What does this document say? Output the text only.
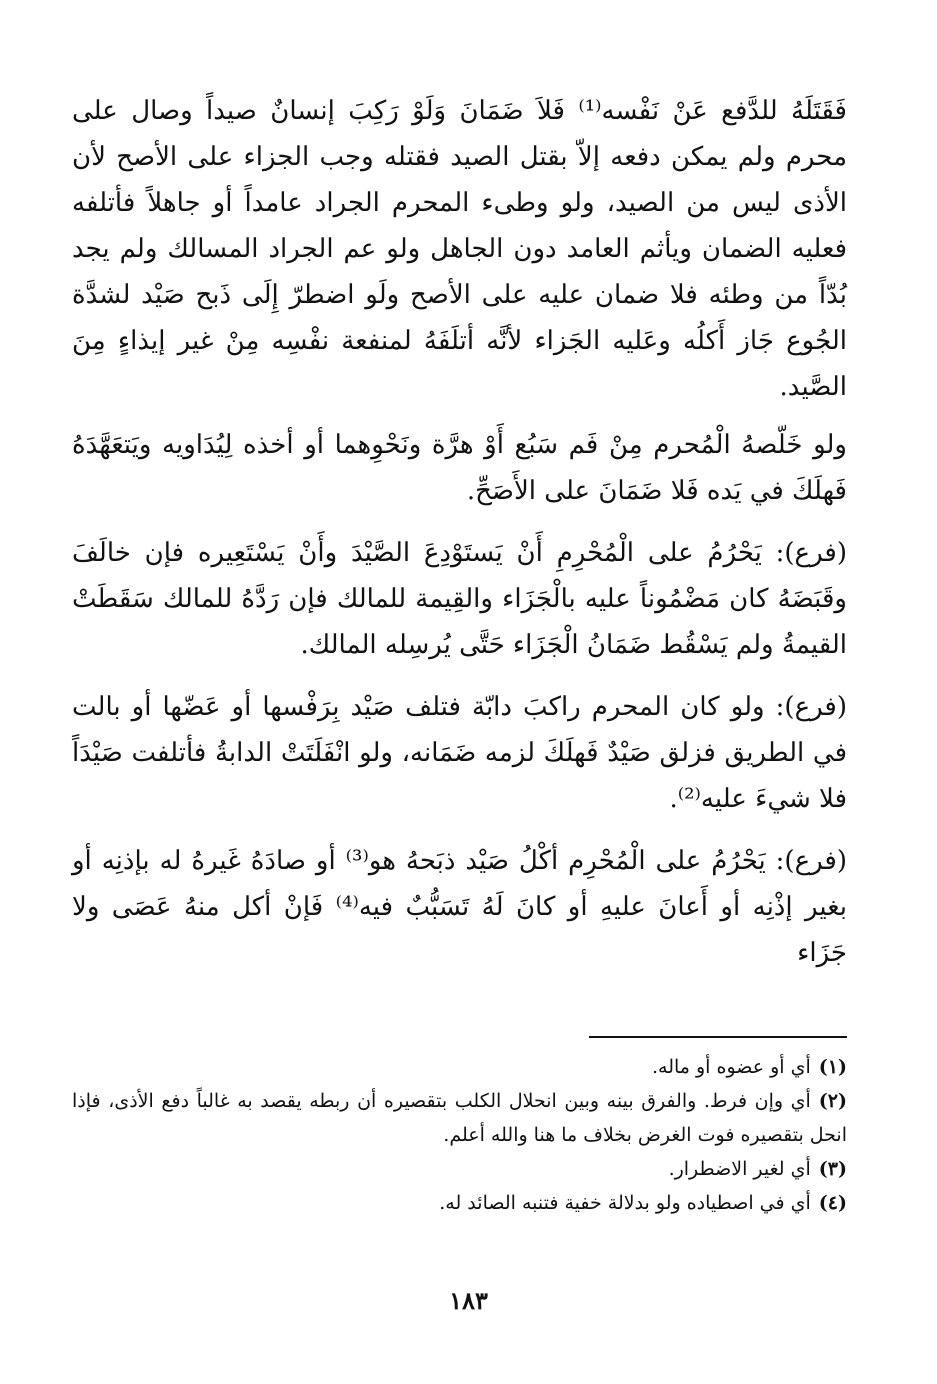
فَقَتَلَهُ للدَّفع عَنْ نَفْسه⁽¹⁾ فَلاَ ضَمَانَ وَلَوْ رَكِبَ إنسانٌ صيداً وصال على محرم ولم يمكن دفعه إلاّ بقتل الصيد فقتله وجب الجزاء على الأصح لأن الأذى ليس من الصيد، ولو وطىء المحرم الجراد عامداً أو جاهلاً فأتلفه فعليه الضمان ويأثم العامد دون الجاهل ولو عم الجراد المسالك ولم يجد بُدّاً من وطئه فلا ضمان عليه على الأصح ولَو اضطرّ إِلَى ذَبح صَيْد لشدَّة الجُوع جَاز أَكلُه وعَليه الجَزاء لأنَّه أتلَفَهُ لمنفعة نفْسِه مِنْ غير إيذاءٍ مِنَ الصَّيد.

ولو خَلّصهُ الْمُحرم مِنْ فَم سَبُع أَوْ هرَّة ونَحْوِهما أو أخذه لِيُدَاويه ويَتعَهَّدَهُ فَهلَكَ في يَده فَلا ضَمَانَ على الأَصَحِّ.

(فرع): يَحْرُمُ على الْمُحْرِمِ أَنْ يَستَوْدِعَ الصَّيْدَ وأَنْ يَسْتَعِيره فإن خالَفَ وقَبَضَهُ كان مَضْمُوناً عليه بالْجَزَاء والقِيمة للمالك فإن رَدَّهُ للمالك سَقَطَتْ القيمةُ ولم يَسْقُط ضَمَانُ الْجَزَاء حَتَّى يُرسِله المالك.

(فرع): ولو كان المحرم راكبَ دابّة فتلف صَيْد بِرَفْسها أو عَضّها أو بالت في الطريق فزلق صَيْدٌ فَهلَكَ لزمه ضَمَانه، ولو انْفَلَتَتْ الدابةُ فأتلفت صَيْدَاً فلا شيءَ عليه⁽²⁾.

(فرع): يَحْرُمُ على الْمُحْرِم أكْلُ صَيْد ذبَحهُ هو⁽³⁾ أو صادَهُ غَيرهُ له بإذنِه أو بغير إذْنِه أو أَعانَ عليهِ أو كانَ لَهُ تَسَبُّبٌ فيه⁽⁴⁾ فَإنْ أكل منهُ عَصَى ولا جَزَاء

(١)أي أو عضوه أو ماله.

(٢)أي وإن فرط. والفرق بينه وبين انحلال الكلب بتقصيره أن ربطه يقصد به غالباً دفع الأذى، فإذا انحل بتقصيره فوت الغرض بخلاف ما هنا والله أعلم.

(٣)أي لغير الاضطرار.

(٤)أي في اصطياده ولو بدلالة خفية فتنبه الصائد له.

١٨٣
